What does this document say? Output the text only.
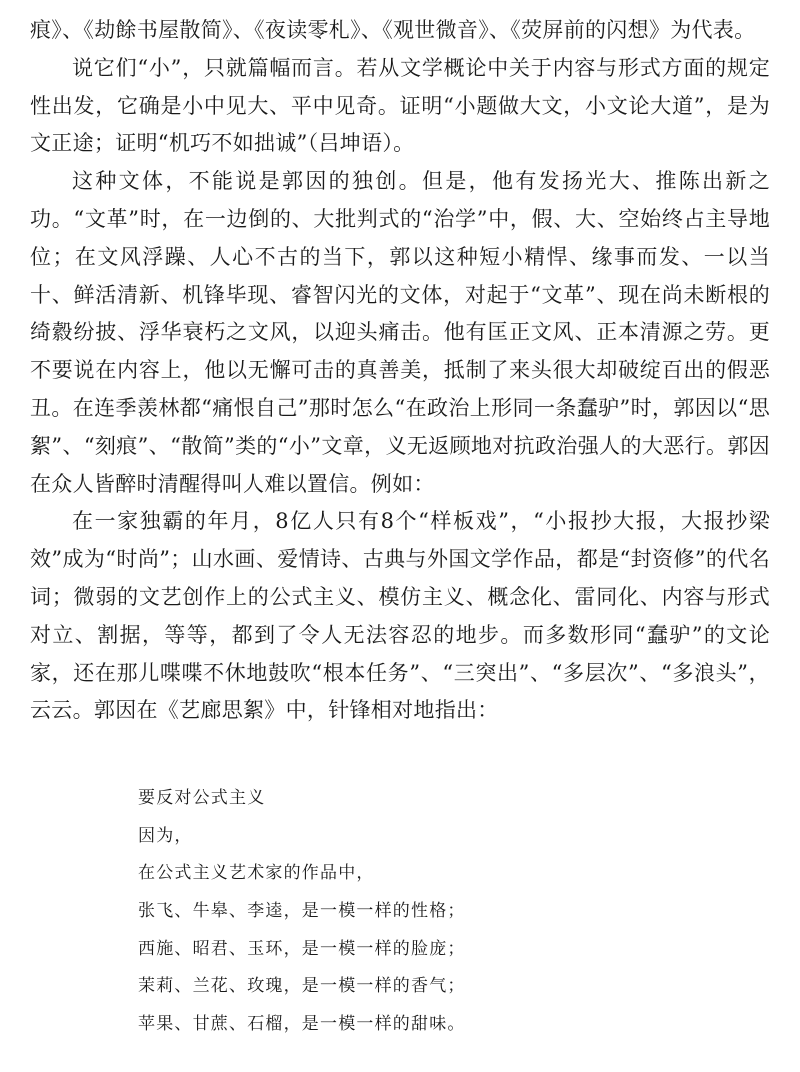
痕》、《劫餘书屋散简》、《夜读零札》、《观世微音》、《荧屏前的闪想》为代表。

说它们“小”，只就篇幅而言。若从文学概论中关于内容与形式方面的规定性出发，它确是小中见大、平中见奇。证明“小题做大文，小文论大道”，是为文正途；证明“机巧不如拙诚”（吕坤语）。

这种文体，不能说是郭因的独创。但是，他有发扬光大、推陈出新之功。“文革”时，在一边倒的、大批判式的“治学”中，假、大、空始终占主导地位；在文风浮躁、人心不古的当下，郭以这种短小精悍、缘事而发、一以当十、鲜活清新、机锋毕现、睿智闪光的文体，对起于“文革”、现在尚未断根的绮縠纷披、浮华衰朽之文风，以迎头痛击。他有匡正文风、正本清源之劳。更不要说在内容上，他以无懈可击的真善美，抵制了来头很大却破绽百出的假恶丑。在连季羡林都“痛恨自己”那时怎么“在政治上形同一条蠢驴”时，郭因以“思絮”、“刻痕”、“散简”类的“小”文章，义无返顾地对抗政治强人的大恶行。郭因在众人皆醉时清醒得叫人难以置信。例如：

在一家独霸的年月，8亿人只有8个“样板戏”，“小报抄大报，大报抄梁效”成为“时尚”；山水画、爱情诗、古典与外国文学作品，都是“封资修”的代名词；微弱的文艺创作上的公式主义、模仿主义、概念化、雷同化、内容与形式对立、割据，等等，都到了令人无法容忍的地步。而多数形同“蠢驴”的文论家，还在那儿喋喋不休地鼓吹“根本任务”、“三突出”、“多层次”、“多浪头”，云云。郭因在《艺廊思絮》中，针锋相对地指出：

要反对公式主义
因为，
在公式主义艺术家的作品中，
张飞、牛皋、李逵，是一模一样的性格；
西施、昭君、玉环，是一模一样的脸庞；
茉莉、兰花、玫瑰，是一模一样的香气；
苹果、甘蔗、石榴，是一模一样的甜味。
